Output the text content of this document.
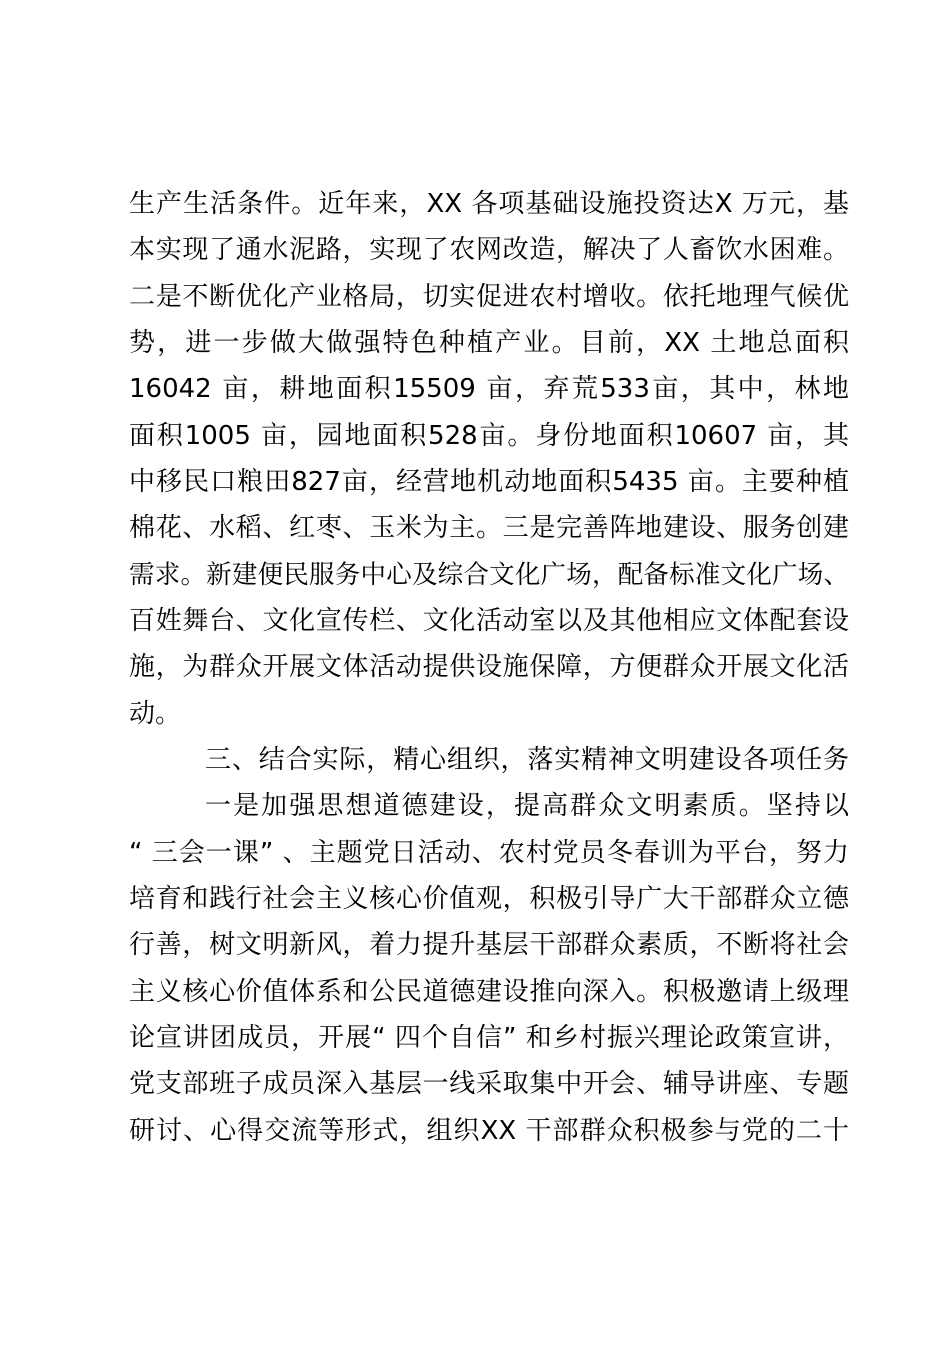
生产生活条件。近年来，XX 各项基础设施投资达X 万元，基
本实现了通水泥路，实现了农网改造，解决了人畜饮水困难。
二是不断优化产业格局，切实促进农村增收。依托地理气候优
势，进一步做大做强特色种植产业。目前，XX 土地总面积
16042 亩，耕地面积15509 亩，弃荒533亩，其中，林地
面积1005 亩，园地面积528亩。身份地面积10607 亩，其
中移民口粮田827亩，经营地机动地面积5435 亩。主要种植
棉花、水稻、红枣、玉米为主。三是完善阵地建设、服务创建
需求。新建便民服务中心及综合文化广场，配备标准文化广场、
百姓舞台、文化宣传栏、文化活动室以及其他相应文体配套设
施，为群众开展文体活动提供设施保障，方便群众开展文化活
动。
三、结合实际，精心组织，落实精神文明建设各项任务
一是加强思想道德建设，提高群众文明素质。坚持以
“ 三会一课” 、主题党日活动、农村党员冬春训为平台，努力
培育和践行社会主义核心价值观，积极引导广大干部群众立德
行善，树文明新风，着力提升基层干部群众素质，不断将社会
主义核心价值体系和公民道德建设推向深入。积极邀请上级理
论宣讲团成员，开展“ 四个自信” 和乡村振兴理论政策宣讲，
党支部班子成员深入基层一线采取集中开会、辅导讲座、专题
研讨、心得交流等形式，组织XX 干部群众积极参与党的二十
